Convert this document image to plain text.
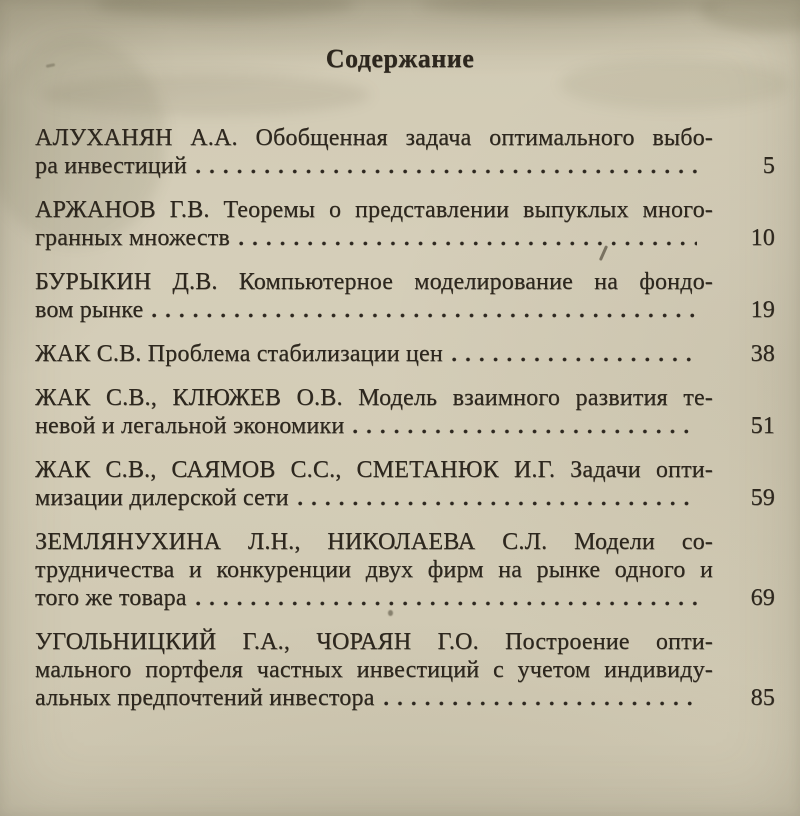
Содержание
АЛУХАНЯН А.А. Обобщенная задача оптимального выбо-
ра инвестиций	5
АРЖАНОВ Г.В. Теоремы о представлении выпуклых много-
гранных множеств	10
БУРЫКИН Д.В. Компьютерное моделирование на фондо-
вом рынке	19
ЖАК С.В. Проблема стабилизации цен	38
ЖАК С.В., КЛЮЖЕВ О.В. Модель взаимного развития те-
невой и легальной экономики	51
ЖАК С.В., САЯМОВ С.С., СМЕТАНЮК И.Г. Задачи опти-
мизации дилерской сети	59
ЗЕМЛЯНУХИНА Л.Н., НИКОЛАЕВА С.Л. Модели со-
трудничества и конкуренции двух фирм на рынке одного и
того же товара	69
УГОЛЬНИЦКИЙ Г.А., ЧОРАЯН Г.О. Построение опти-
мального портфеля частных инвестиций с учетом индивиду-
альных предпочтений инвестора	85
